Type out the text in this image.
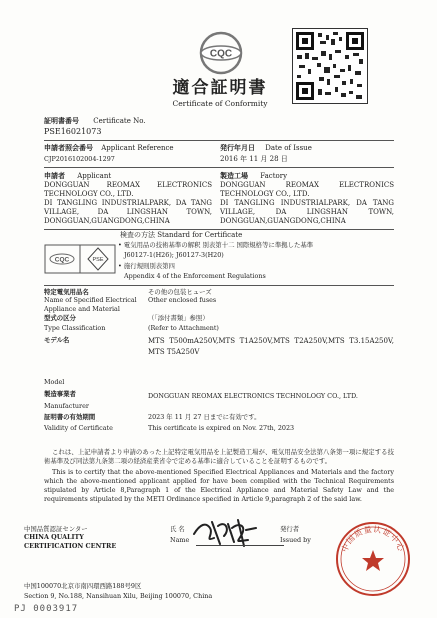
CQC
適合証明書
Certificate of Conformity
証明書番号 Certificate No.
PSE16021073
申請者照会番号 Applicant Reference
CJP2016102004-1297
発行年月日 Date of Issue
2016 年 11 月 28 日
申請者 Applicant
DONGGUAN REOMAX ELECTRONICS
TECHNOLOGY CO., LTD.
DI TANGLING INDUSTRIALPARK, DA TANG
VILLAGE, DA LINGSHAN TOWN,
DONGGUAN,GUANGDONG,CHINA
製造工場 Factory
DONGGUAN REOMAX ELECTRONICS
TECHNOLOGY CO., LTD.
DI TANGLING INDUSTRIALPARK, DA TANG
VILLAGE, DA LINGSHAN TOWN,
DONGGUAN,GUANGDONG,CHINA
CQC	PSE
検査の方法 Standard for Certificate
• 電気用品の技術基準の解釈 別表第十二 国際規格等に準拠した基準
J60127-1(H26); J60127-3(H20)
• 施行規則別表第四
Appendix 4 of the Enforcement Regulations
特定電気用品名
Name of Specified Electrical
Appliance and Material
その他の包装ヒューズ
Other enclosed fuses
型式の区分
Type Classification
（「添付書類」参照）
(Refer to Attachment)
モデル名
Model
MTS T500mA250V,MTS T1A250V,MTS T2A250V,MTS T3.15A250V, MTS T5A250V
製造事業者
Manufacturer
DONGGUAN REOMAX ELECTRONICS TECHNOLOGY CO., LTD.
証明書の有効期間
Validity of Certificate
2023 年 11 月 27 日までに有効です。
This certificate is expired on Nov. 27th, 2023
これは、上記申請者より申請のあった上記特定電気用品を上記製造工場が、電気用品安全法第八条第一項に規定する技術基準及び同法第九条第二項の経済産業省令で定める基準に適合していることを証明するものです。
This is to certify that the above-mentioned Specified Electrical Appliances and Materials and the factory which the above-mentioned applicant applied for have been complied with the Technical Requirements stipulated by Article 8,Paragraph 1 of the Electrical Appliance and Material Safety Law and the requirements stipulated by the METI Ordinance specified in Article 9,paragraph 2 of the said law.
中国品質認証センター
CHINA QUALITY
CERTIFICATION CENTRE
氏 名
Name
発行者
Issued by
中国质量认证中心
中国100070北京市南四環西路188号9区
Section 9, No.188, Nansihuan Xilu, Beijing 100070, China
PJ 0003917
